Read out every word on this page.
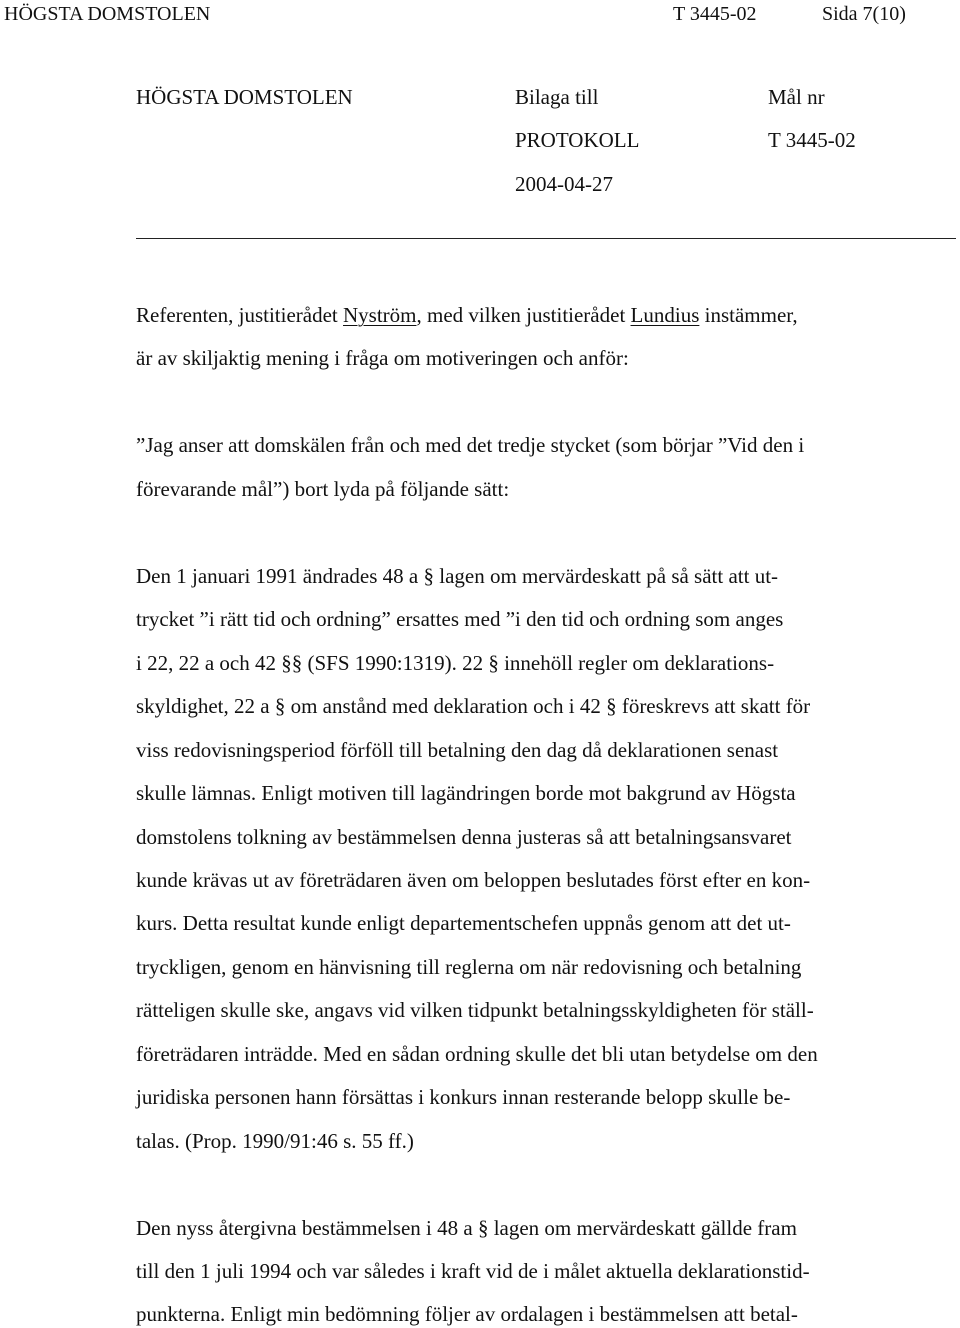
HÖGSTA DOMSTOLEN	T 3445-02	Sida 7(10)
HÖGSTA DOMSTOLEN	Bilaga till
PROTOKOLL
2004-04-27
Mål nr
T 3445-02
Referenten, justitierådet Nyström, med vilken justitierådet Lundius instämmer,
är av skiljaktig mening i fråga om motiveringen och anför:
”Jag anser att domskälen från och med det tredje stycket (som börjar ”Vid den i
förevarande mål”) bort lyda på följande sätt:
Den 1 januari 1991 ändrades 48 a § lagen om mervärdeskatt på så sätt att ut-
trycket ”i rätt tid och ordning” ersattes med ”i den tid och ordning som anges
i 22, 22 a och 42 §§ (SFS 1990:1319). 22 § innehöll regler om deklarations-
skyldighet, 22 a § om anstånd med deklaration och i 42 § föreskrevs att skatt för
viss redovisningsperiod förföll till betalning den dag då deklarationen senast
skulle lämnas. Enligt motiven till lagändringen borde mot bakgrund av Högsta
domstolens tolkning av bestämmelsen denna justeras så att betalningsansvaret
kunde krävas ut av företrädaren även om beloppen beslutades först efter en kon-
kurs. Detta resultat kunde enligt departementschefen uppnås genom att det ut-
tryckligen, genom en hänvisning till reglerna om när redovisning och betalning
rätteligen skulle ske, angavs vid vilken tidpunkt betalningsskyldigheten för ställ-
företrädaren inträdde. Med en sådan ordning skulle det bli utan betydelse om den
juridiska personen hann försättas i konkurs innan resterande belopp skulle be-
talas. (Prop. 1990/91:46 s. 55 ff.)
Den nyss återgivna bestämmelsen i 48 a § lagen om mervärdeskatt gällde fram
till den 1 juli 1994 och var således i kraft vid de i målet aktuella deklarationstid-
punkterna. Enligt min bedömning följer av ordalagen i bestämmelsen att betal-
